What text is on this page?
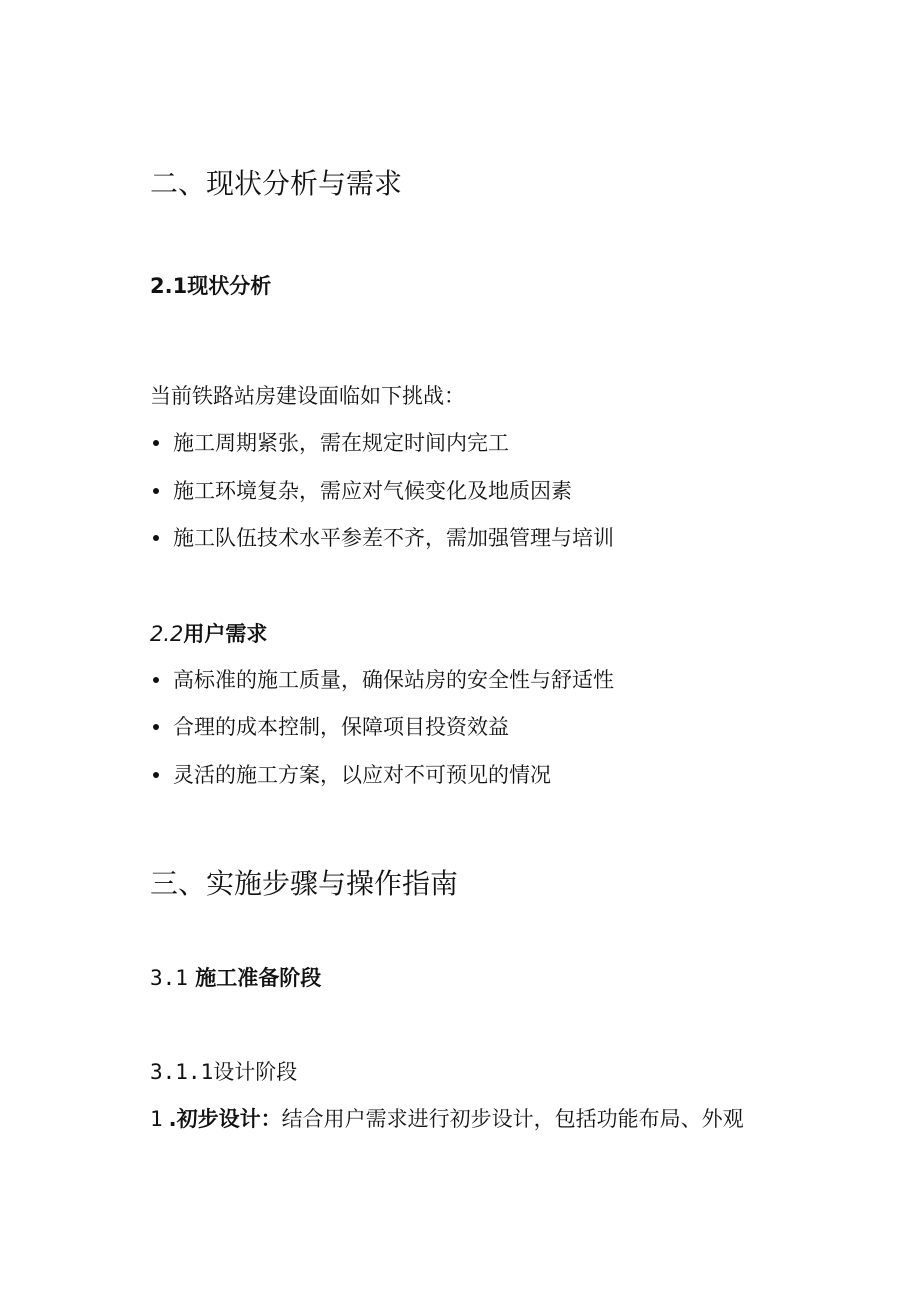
二、现状分析与需求
2.1现状分析
当前铁路站房建设面临如下挑战：
施工周期紧张，需在规定时间内完工
施工环境复杂，需应对气候变化及地质因素
施工队伍技术水平参差不齐，需加强管理与培训
2.2用户需求
高标准的施工质量，确保站房的安全性与舒适性
合理的成本控制，保障项目投资效益
灵活的施工方案，以应对不可预见的情况
三、实施步骤与操作指南
3.1 施工准备阶段
3.1.1设计阶段
1 .初步设计：结合用户需求进行初步设计，包括功能布局、外观
